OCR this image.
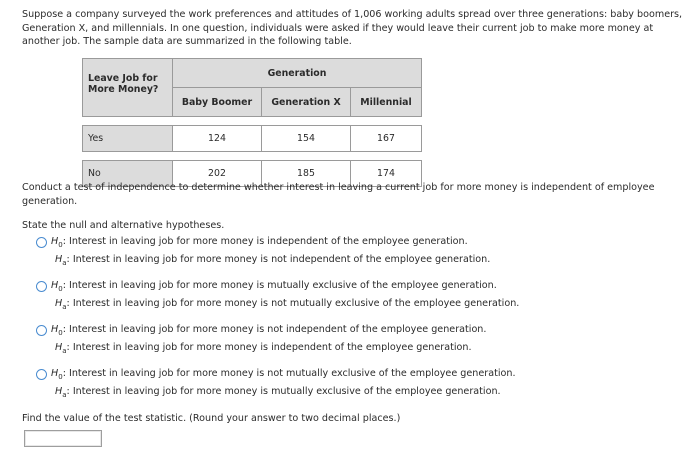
Suppose a company surveyed the work preferences and attitudes of 1,006 working adults spread over three generations: baby boomers, Generation X, and millennials. In one question, individuals were asked if they would leave their current job to make more money at another job. The sample data are summarized in the following table.
Leave Job for More Money?	Generation		
	Baby Boomer	Generation X	Millennial

Yes	124	154	167

No	202	185	174
Conduct a test of independence to determine whether interest in leaving a current job for more money is independent of employee generation.
State the null and alternative hypotheses.
$H_0$: Interest in leaving job for more money is independent of the employee generation.
$H_a$: Interest in leaving job for more money is not independent of the employee generation.
$H_0$: Interest in leaving job for more money is mutually exclusive of the employee generation.
$H_a$: Interest in leaving job for more money is not mutually exclusive of the employee generation.
$H_0$: Interest in leaving job for more money is not independent of the employee generation.
$H_a$: Interest in leaving job for more money is independent of the employee generation.
$H_0$: Interest in leaving job for more money is not mutually exclusive of the employee generation.
$H_a$: Interest in leaving job for more money is mutually exclusive of the employee generation.
Find the value of the test statistic. (Round your answer to two decimal places.)
